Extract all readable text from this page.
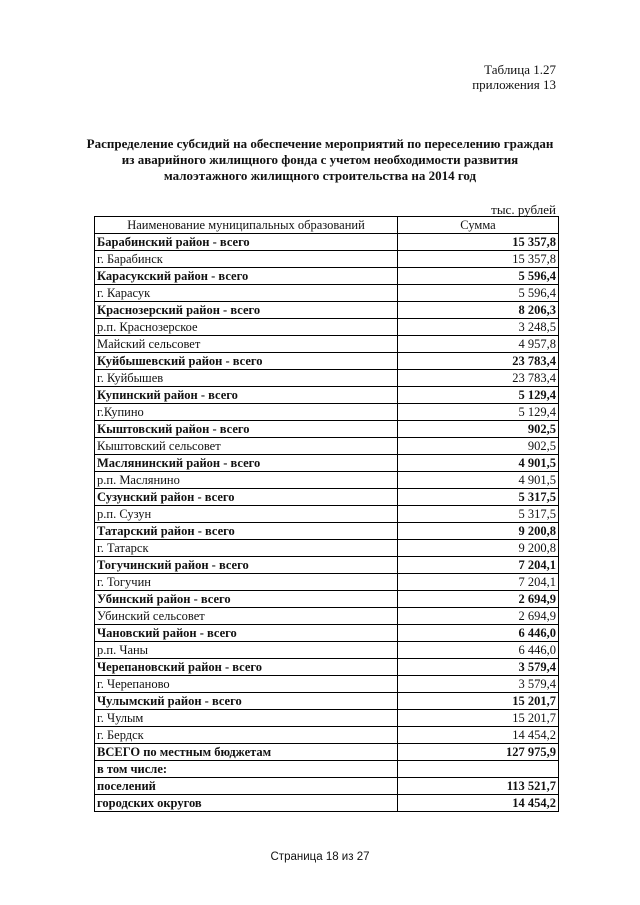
Таблица 1.27
приложения 13
Распределение субсидий на обеспечение мероприятий по переселению граждан из аварийного жилищного фонда с учетом необходимости развития малоэтажного жилищного строительства на 2014 год
тыс. рублей
Наименование муниципальных образований	Сумма
Барабинский район - всего	15 357,8
г. Барабинск	15 357,8
Карасукский район - всего	5 596,4
г. Карасук	5 596,4
Краснозерский район - всего	8 206,3
р.п. Краснозерское	3 248,5
Майский сельсовет	4 957,8
Куйбышевский район - всего	23 783,4
г. Куйбышев	23 783,4
Купинский район - всего	5 129,4
г.Купино	5 129,4
Кыштовский район - всего	902,5
Кыштовский сельсовет	902,5
Маслянинский район - всего	4 901,5
р.п. Маслянино	4 901,5
Сузунский район - всего	5 317,5
р.п. Сузун	5 317,5
Татарский район - всего	9 200,8
г. Татарск	9 200,8
Тогучинский район - всего	7 204,1
г. Тогучин	7 204,1
Убинский район - всего	2 694,9
Убинский сельсовет	2 694,9
Чановский район - всего	6 446,0
р.п. Чаны	6 446,0
Черепановский район - всего	3 579,4
г. Черепаново	3 579,4
Чулымский район - всего	15 201,7
г. Чулым	15 201,7
г. Бердск	14 454,2
ВСЕГО по местным бюджетам	127 975,9
в том числе:	
поселений	113 521,7
городских округов	14 454,2
Страница 18 из 27
